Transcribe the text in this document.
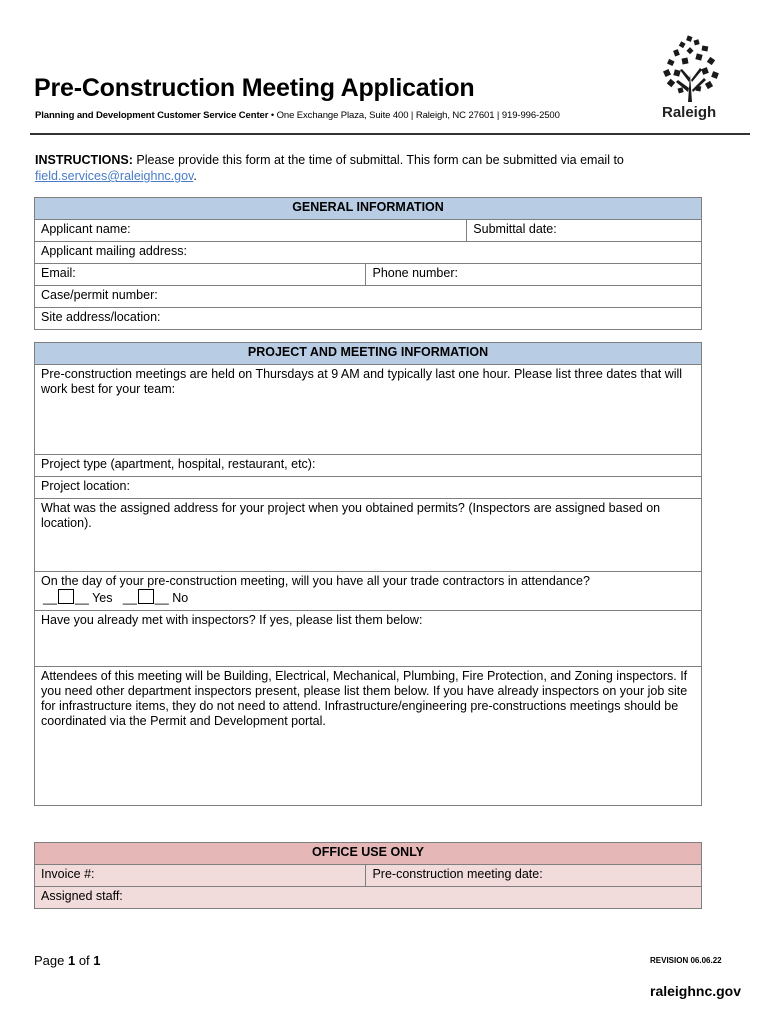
Pre-Construction Meeting Application
Planning and Development Customer Service Center • One Exchange Plaza, Suite 400 | Raleigh, NC 27601 | 919-996-2500	Raleigh
INSTRUCTIONS: Please provide this form at the time of submittal. This form can be submitted via email to field.services@raleighnc.gov.
GENERAL INFORMATION		
Applicant name:		Submittal date:
Applicant mailing address:		
Email:	Phone number:	
Case/permit number:		
Site address/location:		
PROJECT AND MEETING INFORMATION
Pre-construction meetings are held on Thursdays at 9 AM and typically last one hour. Please list three dates that will work best for your team:
Project type (apartment, hospital, restaurant, etc):
Project location:
What was the assigned address for your project when you obtained permits? (Inspectors are assigned based on location).

On the day of your pre-construction meeting, will you have all your trade contractors in attendance?
__ __ Yes   __ __ No

Have you already met with inspectors? If yes, please list them below:
Attendees of this meeting will be Building, Electrical, Mechanical, Plumbing, Fire Protection, and Zoning inspectors. If you need other department inspectors present, please list them below. If you have already inspectors on your job site for infrastructure items, they do not need to attend. Infrastructure/engineering pre-constructions meetings should be coordinated via the Permit and Development portal.
OFFICE USE ONLY
Invoice #:	Pre-construction meeting date:
Assigned staff:
Page 1 of 1	REVISION 06.06.22
raleighnc.gov
